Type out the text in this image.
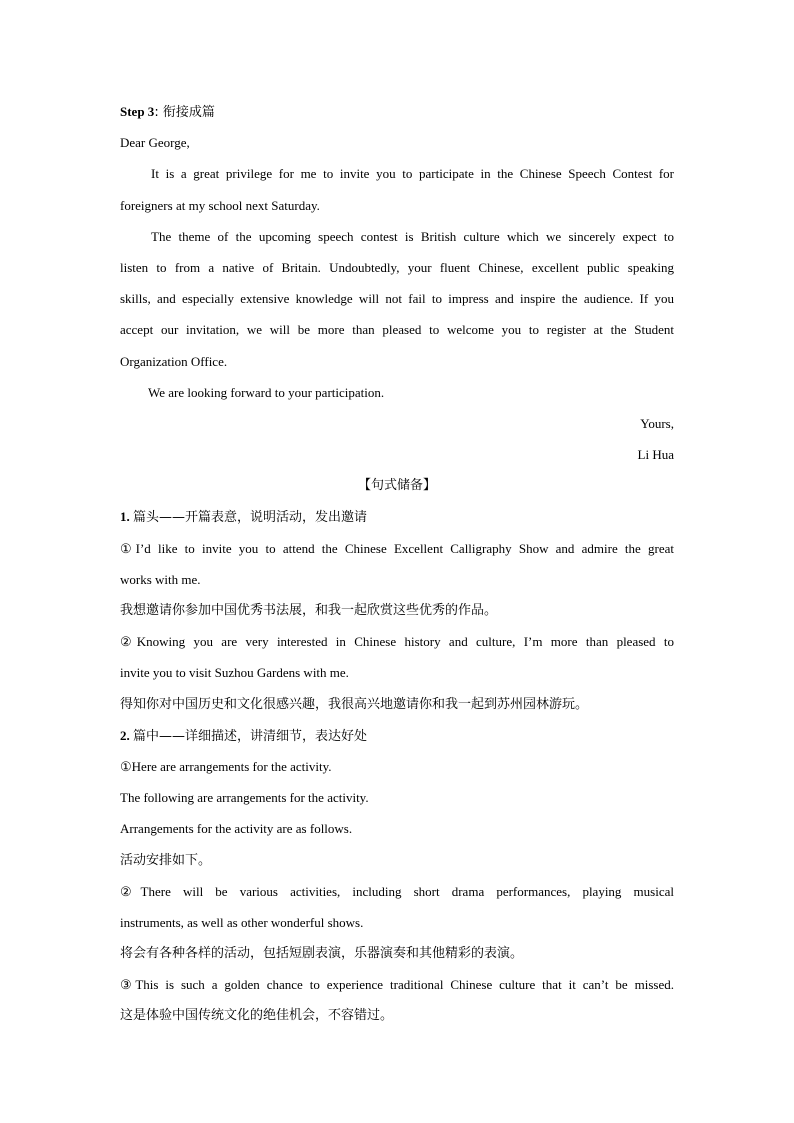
Step 3: 衔接成篇
Dear George,
It is a great privilege for me to invite you to participate in the Chinese Speech Contest for
foreigners at my school next Saturday.
The theme of the upcoming speech contest is British culture which we sincerely expect to
listen to from a native of Britain. Undoubtedly, your fluent Chinese, excellent public speaking
skills, and especially extensive knowledge will not fail to impress and inspire the audience. If you
accept our invitation, we will be more than pleased to welcome you to register at the Student
Organization Office.
We are looking forward to your participation.
Yours,
Li Hua
【句式储备】
1. 篇头——开篇表意，说明活动，发出邀请
①I’d like to invite you to attend the Chinese Excellent Calligraphy Show and admire the great
works with me.
我想邀请你参加中国优秀书法展，和我一起欣赏这些优秀的作品。
②Knowing you are very interested in Chinese history and culture, I’m more than pleased to
invite you to visit Suzhou Gardens with me.
得知你对中国历史和文化很感兴趣，我很高兴地邀请你和我一起到苏州园林游玩。
2. 篇中——详细描述，讲清细节，表达好处
①Here are arrangements for the activity.
The following are arrangements for the activity.
Arrangements for the activity are as follows.
活动安排如下。
②There will be various activities, including short drama performances, playing musical
instruments, as well as other wonderful shows.
将会有各种各样的活动，包括短剧表演，乐器演奏和其他精彩的表演。
③This is such a golden chance to experience traditional Chinese culture that it can’t be missed.
这是体验中国传统文化的绝佳机会，不容错过。
